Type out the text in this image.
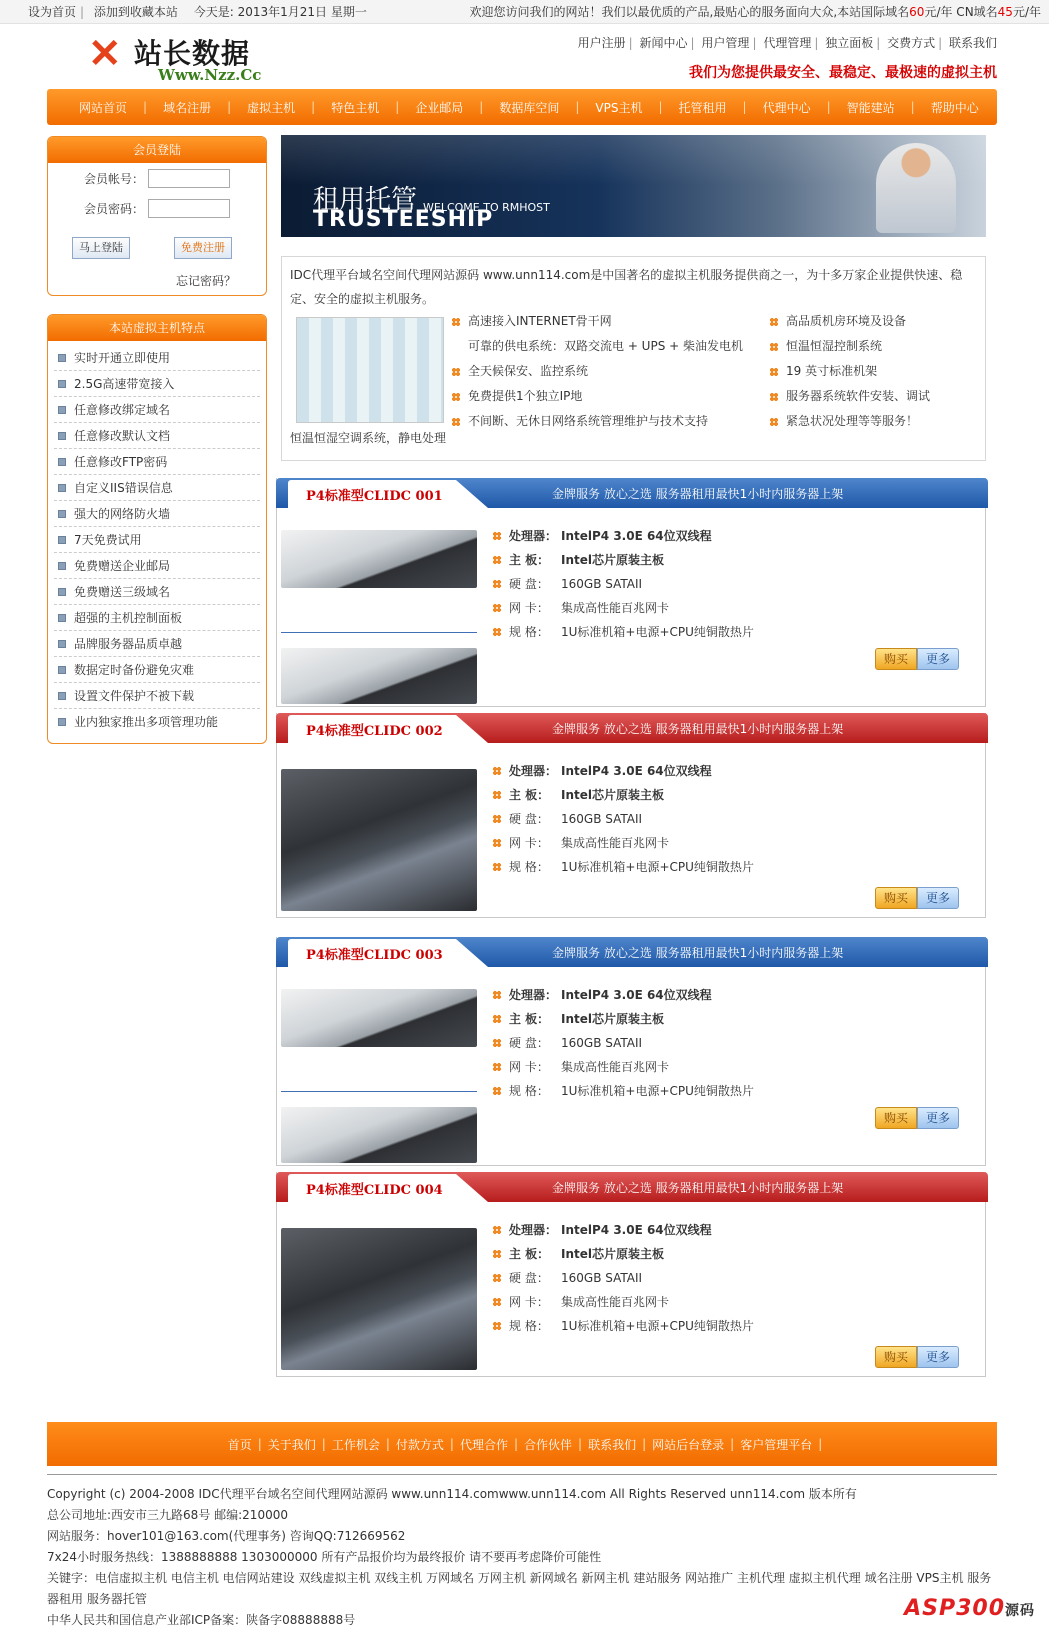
设为首页 | 添加到收藏本站 今天是: 2013年1月21日 星期一	欢迎您访问我们的网站！我们以最优质的产品,最贴心的服务面向大众,本站国际域名60元/年 CN域名45元/年
✕ 站长数据
Www.Nzz.Cc
用户注册 | 新闻中心 | 用户管理 | 代理管理 | 独立面板 | 交费方式 | 联系我们
我们为您提供最安全、最稳定、最极速的虚拟主机
网站首页	|	域名注册	|	虚拟主机	|	特色主机	|	企业邮局	|	数据库空间	|	VPS主机	|	托管租用	|	代理中心	|	智能建站	|	帮助中心
会员登陆
会员帐号：
会员密码：
马上登陆	免费注册
忘记密码？
本站虚拟主机特点
实时开通立即使用
2.5G高速带宽接入
任意修改绑定域名
任意修改默认文档
任意修改FTP密码
自定义IIS错误信息
强大的网络防火墙
7天免费试用
免费赠送企业邮局
免费赠送三级域名
超强的主机控制面板
品牌服务器品质卓越
数据定时备份避免灾难
设置文件保护不被下载
业内独家推出多项管理功能
租用托管 WELCOME TO RMHOST
TRUSTEESHIP
IDC代理平台域名空间代理网站源码 www.unn114.com是中国著名的虚拟主机服务提供商之一，为十多万家企业提供快速、稳定、安全的虚拟主机服务。
恒温恒湿空调系统，静电处理
高速接入INTERNET骨干网
可靠的供电系统：双路交流电 + UPS + 柴油发电机
全天候保安、监控系统
免费提供1个独立IP地
不间断、无休日网络系统管理维护与技术支持
高品质机房环境及设备
恒温恒湿控制系统
19 英寸标准机架
服务器系统软件安装、调试
紧急状况处理等等服务！
P4标准型CLIDC 001	金牌服务 放心之选 服务器租用最快1小时内服务器上架
处理器： IntelP4 3.0E 64位双线程
主 板： Intel芯片原装主板
硬 盘：	160GB SATAII
网 卡：	集成高性能百兆网卡
规 格：	1U标准机箱+电源+CPU纯铜散热片
购买	更多
P4标准型CLIDC 002	金牌服务 放心之选 服务器租用最快1小时内服务器上架
处理器： IntelP4 3.0E 64位双线程
主 板： Intel芯片原装主板
硬 盘：	160GB SATAII
网 卡：	集成高性能百兆网卡
规 格：	1U标准机箱+电源+CPU纯铜散热片
购买	更多
P4标准型CLIDC 003	金牌服务 放心之选 服务器租用最快1小时内服务器上架
处理器： IntelP4 3.0E 64位双线程
主 板： Intel芯片原装主板
硬 盘：	160GB SATAII
网 卡：	集成高性能百兆网卡
规 格：	1U标准机箱+电源+CPU纯铜散热片
购买	更多
P4标准型CLIDC 004	金牌服务 放心之选 服务器租用最快1小时内服务器上架
处理器： IntelP4 3.0E 64位双线程
主 板： Intel芯片原装主板
硬 盘：	160GB SATAII
网 卡：	集成高性能百兆网卡
规 格：	1U标准机箱+电源+CPU纯铜散热片
购买	更多
首页 | 关于我们 | 工作机会 | 付款方式 | 代理合作 | 合作伙伴 | 联系我们 | 网站后台登录 | 客户管理平台 |
Copyright (c) 2004-2008 IDC代理平台域名空间代理网站源码 www.unn114.comwww.unn114.com All Rights Reserved unn114.com 版本所有
总公司地址:西安市三九路68号 邮编:210000
网站服务：hover101@163.com(代理事务) 咨询QQ:712669562
7x24小时服务热线：1388888888 1303000000 所有产品报价均为最终报价 请不要再考虑降价可能性
关键字：电信虚拟主机 电信主机 电信网站建设 双线虚拟主机 双线主机 万网域名 万网主机 新网域名 新网主机 建站服务 网站推广 主机代理 虚拟主机代理 域名注册 VPS主机 服务器租用 服务器托管
中华人民共和国信息产业部ICP备案：陕备字08888888号	ASP300源码
